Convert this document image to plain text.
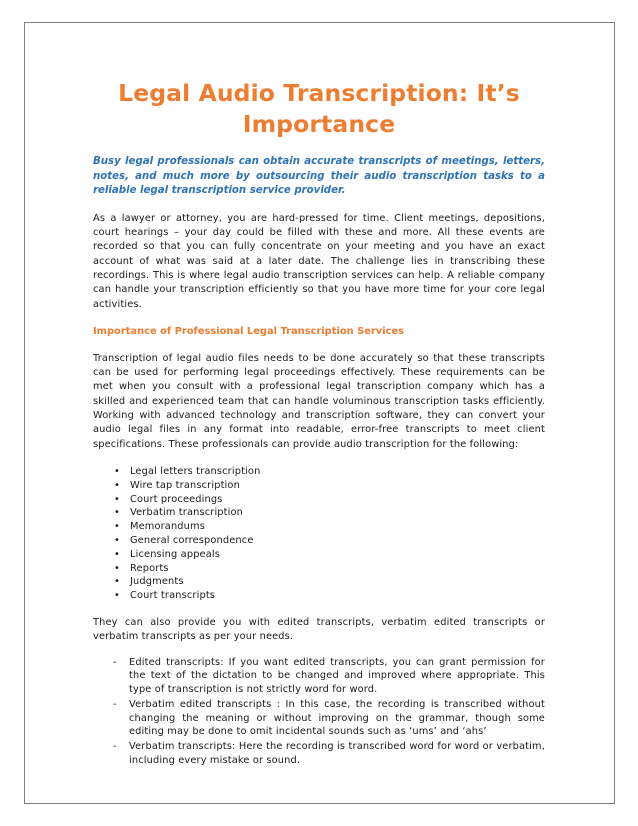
Legal Audio Transcription: It’s Importance

Busy legal professionals can obtain accurate transcripts of meetings, letters, notes, and much more by outsourcing their audio transcription tasks to a reliable legal transcription service provider.

As a lawyer or attorney, you are hard-pressed for time. Client meetings, depositions, court hearings – your day could be filled with these and more. All these events are recorded so that you can fully concentrate on your meeting and you have an exact account of what was said at a later date. The challenge lies in transcribing these recordings. This is where legal audio transcription services can help. A reliable company can handle your transcription efficiently so that you have more time for your core legal activities.

Importance of Professional Legal Transcription Services

Transcription of legal audio files needs to be done accurately so that these transcripts can be used for performing legal proceedings effectively. These requirements can be met when you consult with a professional legal transcription company which has a skilled and experienced team that can handle voluminous transcription tasks efficiently. Working with advanced technology and transcription software, they can convert your audio legal files in any format into readable, error-free transcripts to meet client specifications. These professionals can provide audio transcription for the following:

• Legal letters transcription
• Wire tap transcription
• Court proceedings
• Verbatim transcription
• Memorandums
• General correspondence
• Licensing appeals
• Reports
• Judgments
• Court transcripts

They can also provide you with edited transcripts, verbatim edited transcripts or verbatim transcripts as per your needs.

- Edited transcripts: If you want edited transcripts, you can grant permission for the text of the dictation to be changed and improved where appropriate. This type of transcription is not strictly word for word.
- Verbatim edited transcripts : In this case, the recording is transcribed without changing the meaning or without improving on the grammar, though some editing may be done to omit incidental sounds such as ‘ums’ and ‘ahs’
- Verbatim transcripts: Here the recording is transcribed word for word or verbatim, including every mistake or sound.
